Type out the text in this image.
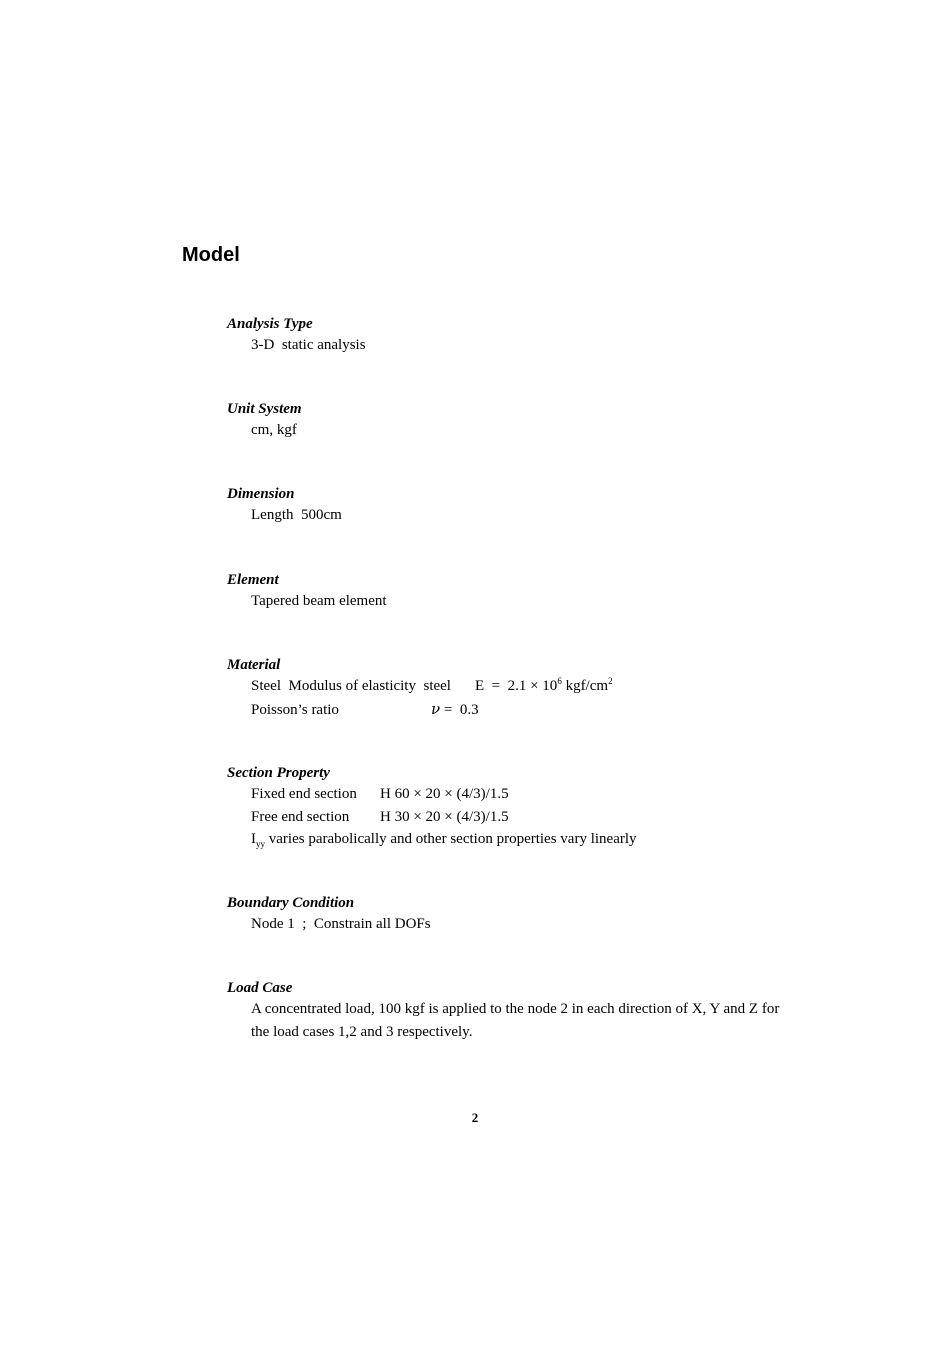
Model

Analysis Type

3-D  static analysis

Unit System

cm, kgf

Dimension

Length  500cm

Element

Tapered beam element

Material

Steel  Modulus of elasticity  steel $E = 2.1 \times 10^6$ kgf/$cm^2$

Poisson’s ratio	ν =  0.3

Section Property

Fixed end section H 60 × 20 × (4/3)/1.5

Free end section H 30 × 20 × (4/3)/1.5

$I_{yy}$ varies parabolically and other section properties vary linearly

Boundary Condition

Node 1  ;  Constrain all DOFs

Load Case

A concentrated load, 100 kgf is applied to the node 2 in each direction of X, Y and Z for the load cases 1,2 and 3 respectively.

2
